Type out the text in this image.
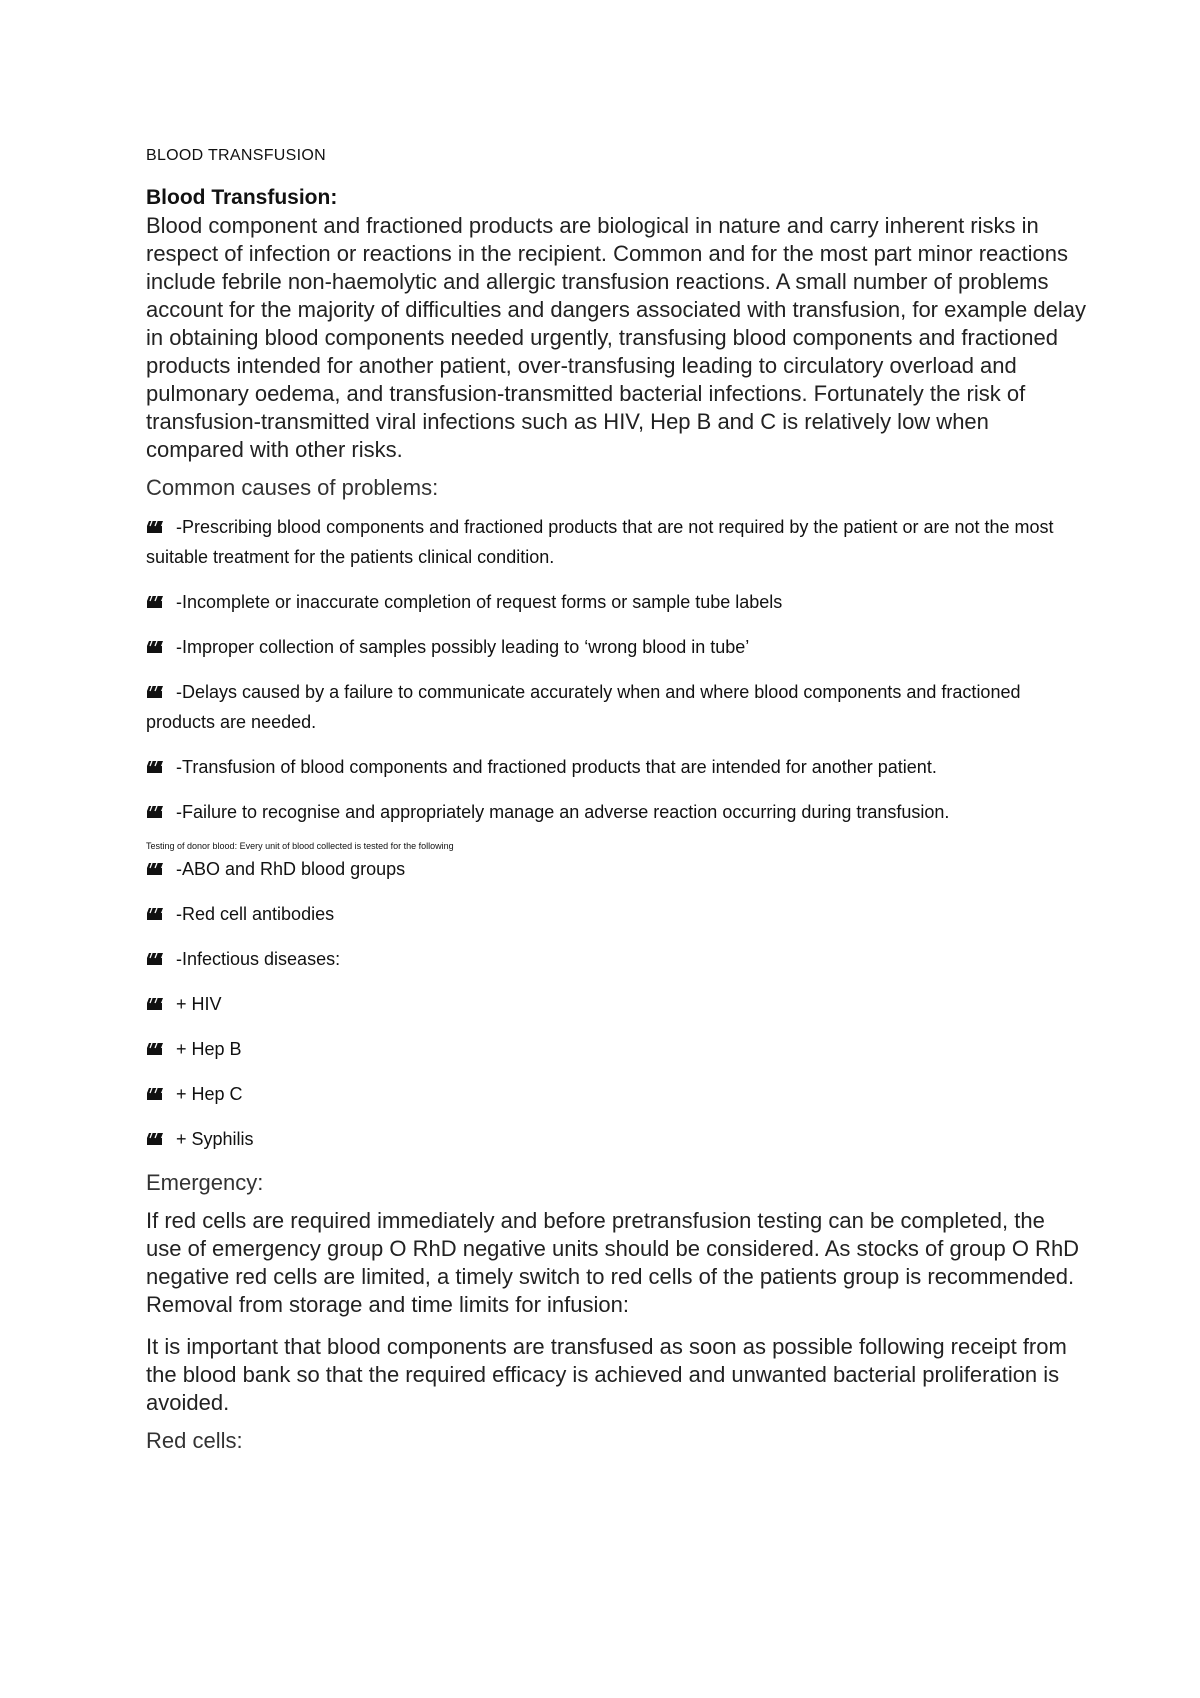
BLOOD TRANSFUSION

Blood Transfusion:

Blood component and fractioned products are biological in nature and carry inherent risks in respect of infection or reactions in the recipient. Common and for the most part minor reactions include febrile non-haemolytic and allergic transfusion reactions. A small number of problems account for the majority of difficulties and dangers associated with transfusion, for example delay in obtaining blood components needed urgently, transfusing blood components and fractioned products intended for another patient, over-transfusing leading to circulatory overload and pulmonary oedema, and transfusion-transmitted bacterial infections. Fortunately the risk of transfusion-transmitted viral infections such as HIV, Hep B and C is relatively low when compared with other risks.

Common causes of problems:

-Prescribing blood components and fractioned products that are not required by the patient or are not the most suitable treatment for the patients clinical condition.
-Incomplete or inaccurate completion of request forms or sample tube labels
-Improper collection of samples possibly leading to ‘wrong blood in tube’
-Delays caused by a failure to communicate accurately when and where blood components and fractioned products are needed.
-Transfusion of blood components and fractioned products that are intended for another patient.
-Failure to recognise and appropriately manage an adverse reaction occurring during transfusion.

Testing of donor blood: Every unit of blood collected is tested for the following

-ABO and RhD blood groups
-Red cell antibodies
-Infectious diseases:
+ HIV
+ Hep B
+ Hep C
+ Syphilis

Emergency:

If red cells are required immediately and before pretransfusion testing can be completed, the use of emergency group O RhD negative units should be considered. As stocks of group O RhD negative red cells are limited, a timely switch to red cells of the patients group is recommended. Removal from storage and time limits for infusion:

It is important that blood components are transfused as soon as possible following receipt from the blood bank so that the required efficacy is achieved and unwanted bacterial proliferation is avoided.

Red cells:
